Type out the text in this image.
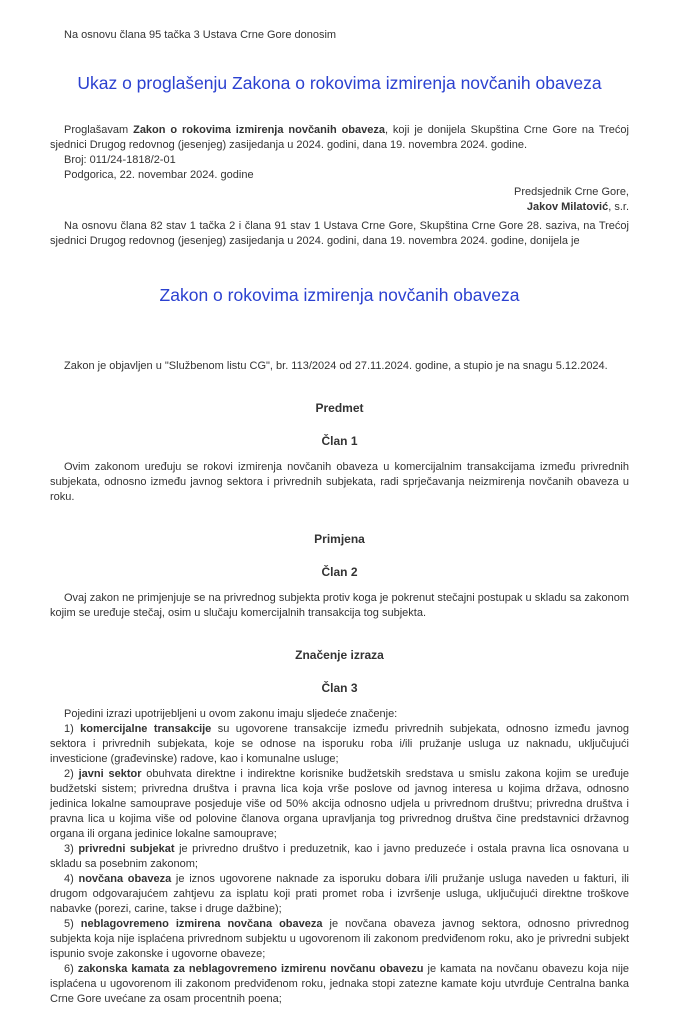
Na osnovu člana 95 tačka 3 Ustava Crne Gore donosim

Ukaz o proglašenju Zakona o rokovima izmirenja novčanih obaveza

Proglašavam Zakon o rokovima izmirenja novčanih obaveza, koji je donijela Skupština Crne Gore na Trećoj sjednici Drugog redovnog (jesenjeg) zasijedanja u 2024. godini, dana 19. novembra 2024. godine.

Broj: 011/24-1818/2-01

Podgorica, 22. novembar 2024. godine

Predsjednik Crne Gore,

Jakov Milatović, s.r.

Na osnovu člana 82 stav 1 tačka 2 i člana 91 stav 1 Ustava Crne Gore, Skupština Crne Gore 28. saziva, na Trećoj sjednici Drugog redovnog (jesenjeg) zasijedanja u 2024. godini, dana 19. novembra 2024. godine, donijela je

Zakon o rokovima izmirenja novčanih obaveza

Zakon je objavljen u "Službenom listu CG", br. 113/2024 od 27.11.2024. godine, a stupio je na snagu 5.12.2024.

Predmet
Član 1

Ovim zakonom uređuju se rokovi izmirenja novčanih obaveza u komercijalnim transakcijama između privrednih subjekata, odnosno između javnog sektora i privrednih subjekata, radi sprječavanja neizmirenja novčanih obaveza u roku.

Primjena
Član 2

Ovaj zakon ne primjenjuje se na privrednog subjekta protiv koga je pokrenut stečajni postupak u skladu sa zakonom kojim se uređuje stečaj, osim u slučaju komercijalnih transakcija tog subjekta.

Značenje izraza
Član 3

Pojedini izrazi upotrijebljeni u ovom zakonu imaju sljedeće značenje:

1) komercijalne transakcije su ugovorene transakcije između privrednih subjekata, odnosno između javnog sektora i privrednih subjekata, koje se odnose na isporuku roba i/ili pružanje usluga uz naknadu, uključujući investicione (građevinske) radove, kao i komunalne usluge;

2) javni sektor obuhvata direktne i indirektne korisnike budžetskih sredstava u smislu zakona kojim se uređuje budžetski sistem; privredna društva i pravna lica koja vrše poslove od javnog interesa u kojima država, odnosno jedinica lokalne samouprave posjeduje više od 50% akcija odnosno udjela u privrednom društvu; privredna društva i pravna lica u kojima više od polovine članova organa upravljanja tog privrednog društva čine predstavnici državnog organa ili organa jedinice lokalne samouprave;

3) privredni subjekat je privredno društvo i preduzetnik, kao i javno preduzeće i ostala pravna lica osnovana u skladu sa posebnim zakonom;

4) novčana obaveza je iznos ugovorene naknade za isporuku dobara i/ili pružanje usluga naveden u fakturi, ili drugom odgovarajućem zahtjevu za isplatu koji prati promet roba i izvršenje usluga, uključujući direktne troškove nabavke (porezi, carine, takse i druge dažbine);

5) neblagovremeno izmirena novčana obaveza je novčana obaveza javnog sektora, odnosno privrednog subjekta koja nije isplaćena privrednom subjektu u ugovorenom ili zakonom predviđenom roku, ako je privredni subjekt ispunio svoje zakonske i ugovorne obaveze;

6) zakonska kamata za neblagovremeno izmirenu novčanu obavezu je kamata na novčanu obavezu koja nije isplaćena u ugovorenom ili zakonom predviđenom roku, jednaka stopi zatezne kamate koju utvrđuje Centralna banka Crne Gore uvećane za osam procentnih poena;
